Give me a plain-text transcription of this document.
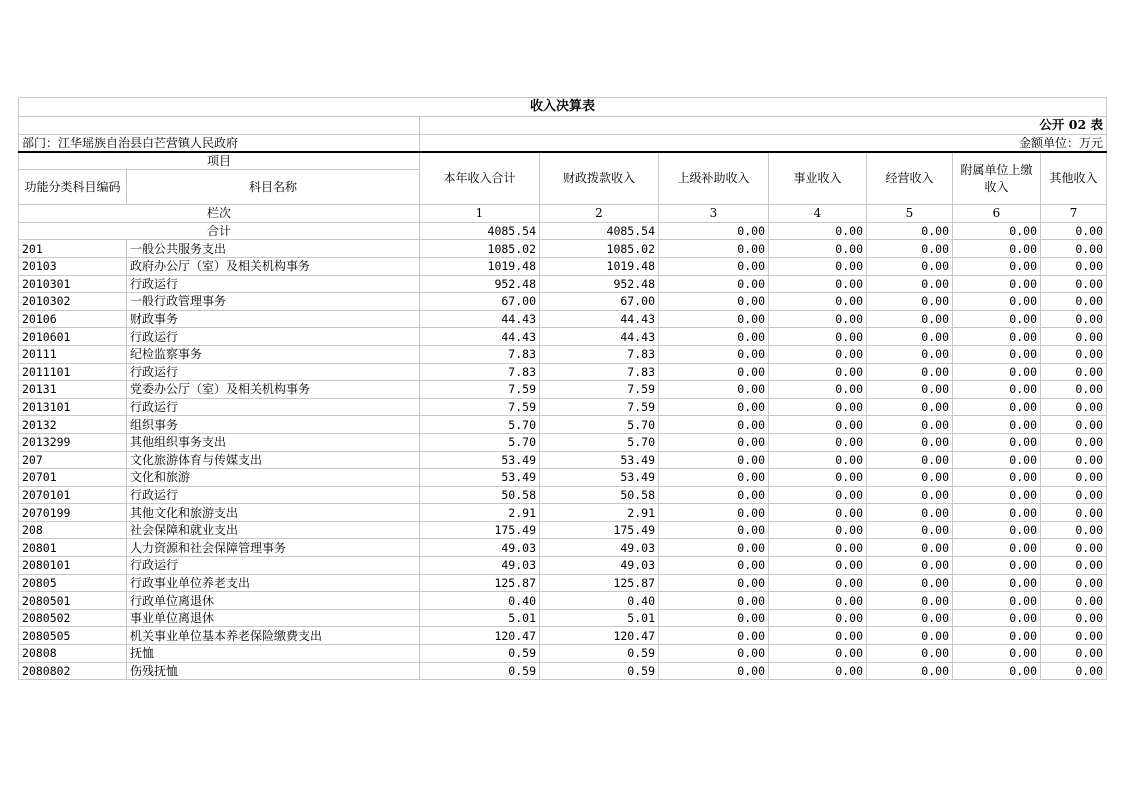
收入决算表								
		公开 02 表						
部门：江华瑶族自治县白芒营镇人民政府		金额单位：万元						
项目		本年收入合计	财政拨款收入	上级补助收入	事业收入	经营收入	附属单位上缴收入	其他收入
功能分类科目编码	科目名称							
栏次		1	2	3	4	5	6	7
合计		4085.54	4085.54	0.00	0.00	0.00	0.00	0.00
201	一般公共服务支出	1085.02	1085.02	0.00	0.00	0.00	0.00	0.00
20103	政府办公厅（室）及相关机构事务	1019.48	1019.48	0.00	0.00	0.00	0.00	0.00
2010301	行政运行	952.48	952.48	0.00	0.00	0.00	0.00	0.00
2010302	一般行政管理事务	67.00	67.00	0.00	0.00	0.00	0.00	0.00
20106	财政事务	44.43	44.43	0.00	0.00	0.00	0.00	0.00
2010601	行政运行	44.43	44.43	0.00	0.00	0.00	0.00	0.00
20111	纪检监察事务	7.83	7.83	0.00	0.00	0.00	0.00	0.00
2011101	行政运行	7.83	7.83	0.00	0.00	0.00	0.00	0.00
20131	党委办公厅（室）及相关机构事务	7.59	7.59	0.00	0.00	0.00	0.00	0.00
2013101	行政运行	7.59	7.59	0.00	0.00	0.00	0.00	0.00
20132	组织事务	5.70	5.70	0.00	0.00	0.00	0.00	0.00
2013299	其他组织事务支出	5.70	5.70	0.00	0.00	0.00	0.00	0.00
207	文化旅游体育与传媒支出	53.49	53.49	0.00	0.00	0.00	0.00	0.00
20701	文化和旅游	53.49	53.49	0.00	0.00	0.00	0.00	0.00
2070101	行政运行	50.58	50.58	0.00	0.00	0.00	0.00	0.00
2070199	其他文化和旅游支出	2.91	2.91	0.00	0.00	0.00	0.00	0.00
208	社会保障和就业支出	175.49	175.49	0.00	0.00	0.00	0.00	0.00
20801	人力资源和社会保障管理事务	49.03	49.03	0.00	0.00	0.00	0.00	0.00
2080101	行政运行	49.03	49.03	0.00	0.00	0.00	0.00	0.00
20805	行政事业单位养老支出	125.87	125.87	0.00	0.00	0.00	0.00	0.00
2080501	行政单位离退休	0.40	0.40	0.00	0.00	0.00	0.00	0.00
2080502	事业单位离退休	5.01	5.01	0.00	0.00	0.00	0.00	0.00
2080505	机关事业单位基本养老保险缴费支出	120.47	120.47	0.00	0.00	0.00	0.00	0.00
20808	抚恤	0.59	0.59	0.00	0.00	0.00	0.00	0.00
2080802	伤残抚恤	0.59	0.59	0.00	0.00	0.00	0.00	0.00
